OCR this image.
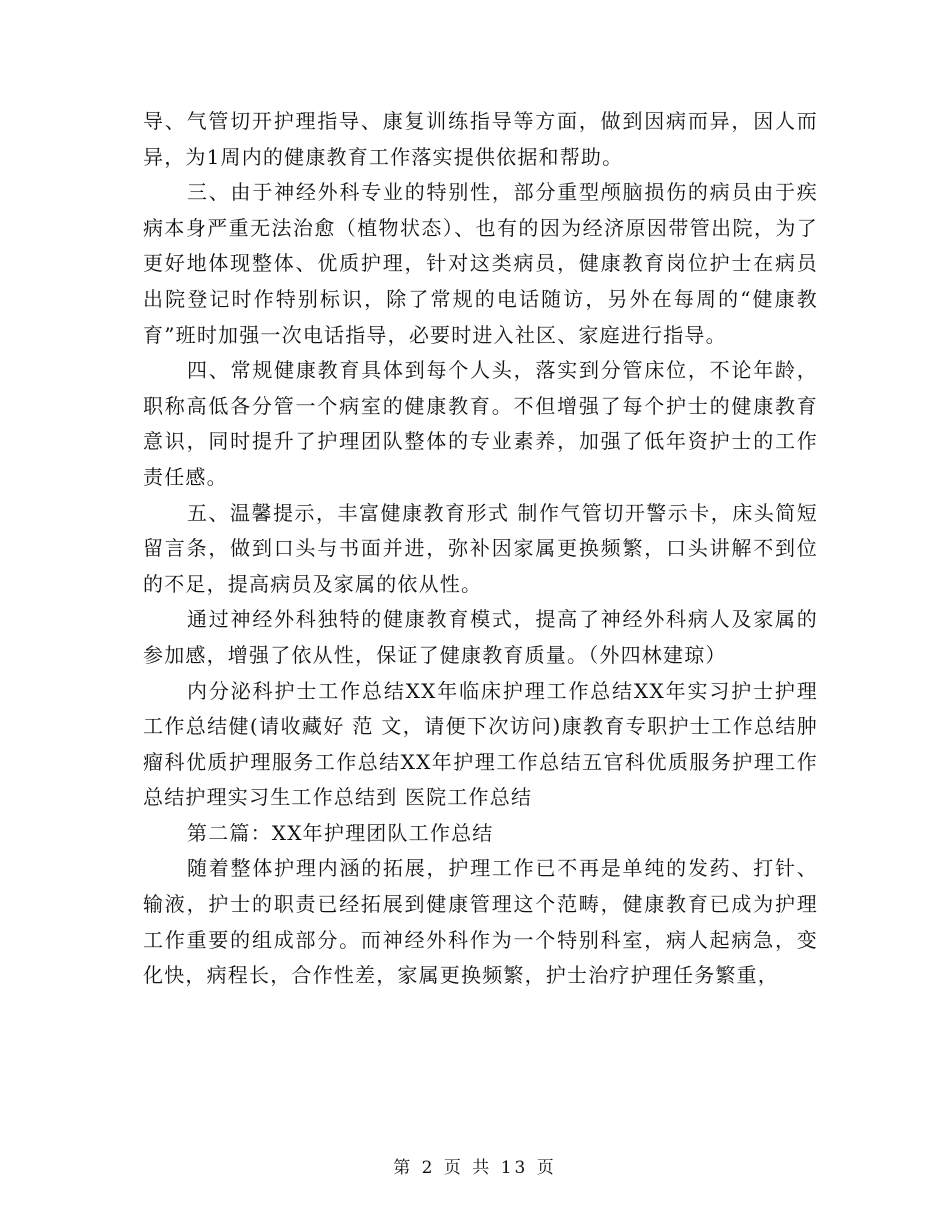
导、气管切开护理指导、康复训练指导等方面，做到因病而异，因人而异，为1周内的健康教育工作落实提供依据和帮助。

三、由于神经外科专业的特别性，部分重型颅脑损伤的病员由于疾病本身严重无法治愈（植物状态）、也有的因为经济原因带管出院，为了更好地体现整体、优质护理，针对这类病员，健康教育岗位护士在病员出院登记时作特别标识，除了常规的电话随访，另外在每周的“健康教育”班时加强一次电话指导，必要时进入社区、家庭进行指导。

四、常规健康教育具体到每个人头，落实到分管床位，不论年龄，职称高低各分管一个病室的健康教育。不但增强了每个护士的健康教育意识，同时提升了护理团队整体的专业素养，加强了低年资护士的工作责任感。

五、温馨提示，丰富健康教育形式 制作气管切开警示卡，床头简短留言条，做到口头与书面并进，弥补因家属更换频繁，口头讲解不到位的不足，提高病员及家属的依从性。

通过神经外科独特的健康教育模式，提高了神经外科病人及家属的参加感，增强了依从性，保证了健康教育质量。（外四林建琼）

内分泌科护士工作总结XX年临床护理工作总结XX年实习护士护理工作总结健(请收藏好 范 文，请便下次访问)康教育专职护士工作总结肿瘤科优质护理服务工作总结XX年护理工作总结五官科优质服务护理工作总结护理实习生工作总结到 医院工作总结

第二篇：XX年护理团队工作总结

随着整体护理内涵的拓展，护理工作已不再是单纯的发药、打针、输液，护士的职责已经拓展到健康管理这个范畴，健康教育已成为护理工作重要的组成部分。而神经外科作为一个特别科室，病人起病急，变化快，病程长，合作性差，家属更换频繁，护士治疗护理任务繁重，

第 2 页 共 13 页
